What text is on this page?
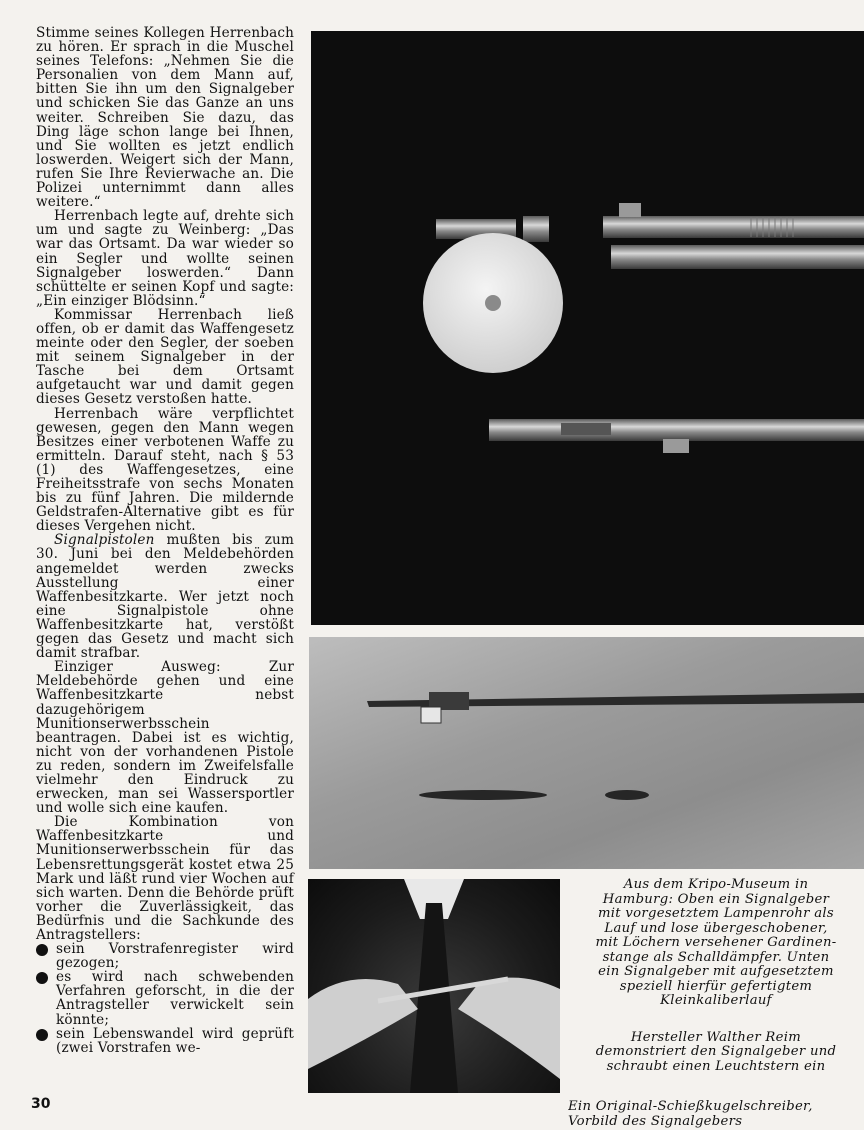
Stimme seines Kollegen Herrenbach zu hören. Er sprach in die Muschel seines Telefons: „Nehmen Sie die Personalien von dem Mann auf, bitten Sie ihn um den Signalgeber und schicken Sie das Ganze an uns weiter. Schreiben Sie dazu, das Ding läge schon lange bei Ihnen, und Sie wollten es jetzt endlich loswerden. Weigert sich der Mann, rufen Sie Ihre Revierwache an. Die Polizei unternimmt dann alles weitere.“

Herrenbach legte auf, drehte sich um und sagte zu Weinberg: „Das war das Ortsamt. Da war wieder so ein Segler und wollte seinen Signalgeber loswerden.“ Dann schüttelte er seinen Kopf und sagte: „Ein einziger Blödsinn.“

Kommissar Herrenbach ließ offen, ob er damit das Waffengesetz meinte oder den Segler, der soeben mit seinem Signalgeber in der Tasche bei dem Ortsamt aufgetaucht war und damit gegen dieses Gesetz verstoßen hatte.

Herrenbach wäre verpflichtet gewesen, gegen den Mann wegen Besitzes einer verbotenen Waffe zu ermitteln. Darauf steht, nach § 53 (1) des Waffengesetzes, eine Freiheitsstrafe von sechs Monaten bis zu fünf Jahren. Die mildernde Geldstrafen-Alternative gibt es für dieses Vergehen nicht.

Signalpistolen mußten bis zum 30. Juni bei den Meldebehörden angemeldet werden zwecks Ausstellung einer Waffenbesitzkarte. Wer jetzt noch eine Signalpistole ohne Waffenbesitzkarte hat, verstößt gegen das Gesetz und macht sich damit strafbar.

Einziger Ausweg: Zur Meldebehörde gehen und eine Waffenbesitzkarte nebst dazugehörigem Munitionserwerbsschein beantragen. Dabei ist es wichtig, nicht von der vorhandenen Pistole zu reden, sondern im Zweifelsfalle vielmehr den Eindruck zu erwecken, man sei Wassersportler und wolle sich eine kaufen.

Die Kombination von Waffenbesitzkarte und Munitionserwerbsschein für das Lebensrettungsgerät kostet etwa 25 Mark und läßt rund vier Wochen auf sich warten. Denn die Behörde prüft vorher die Zuverlässigkeit, das Bedürfnis und die Sachkunde des Antragstellers:

sein Vorstrafenregister wird gezogen;
es wird nach schwebenden Verfahren geforscht, in die der Antragsteller verwickelt sein könnte;
sein Lebenswandel wird geprüft (zwei Vorstrafen we-
30

Aus dem Kripo-Museum in
Hamburg: Oben ein Signalgeber
mit vorgesetztem Lampenrohr als
Lauf und lose übergeschobener,
mit Löchern versehener Gardinen-
stange als Schalldämpfer. Unten
ein Signalgeber mit aufgesetztem
speziell hierfür gefertigtem
Kleinkaliberlauf

Hersteller Walther Reim
demonstriert den Signalgeber und
schraubt einen Leuchtstern ein

Ein Original-Schießkugelschreiber,
Vorbild des Signalgebers
